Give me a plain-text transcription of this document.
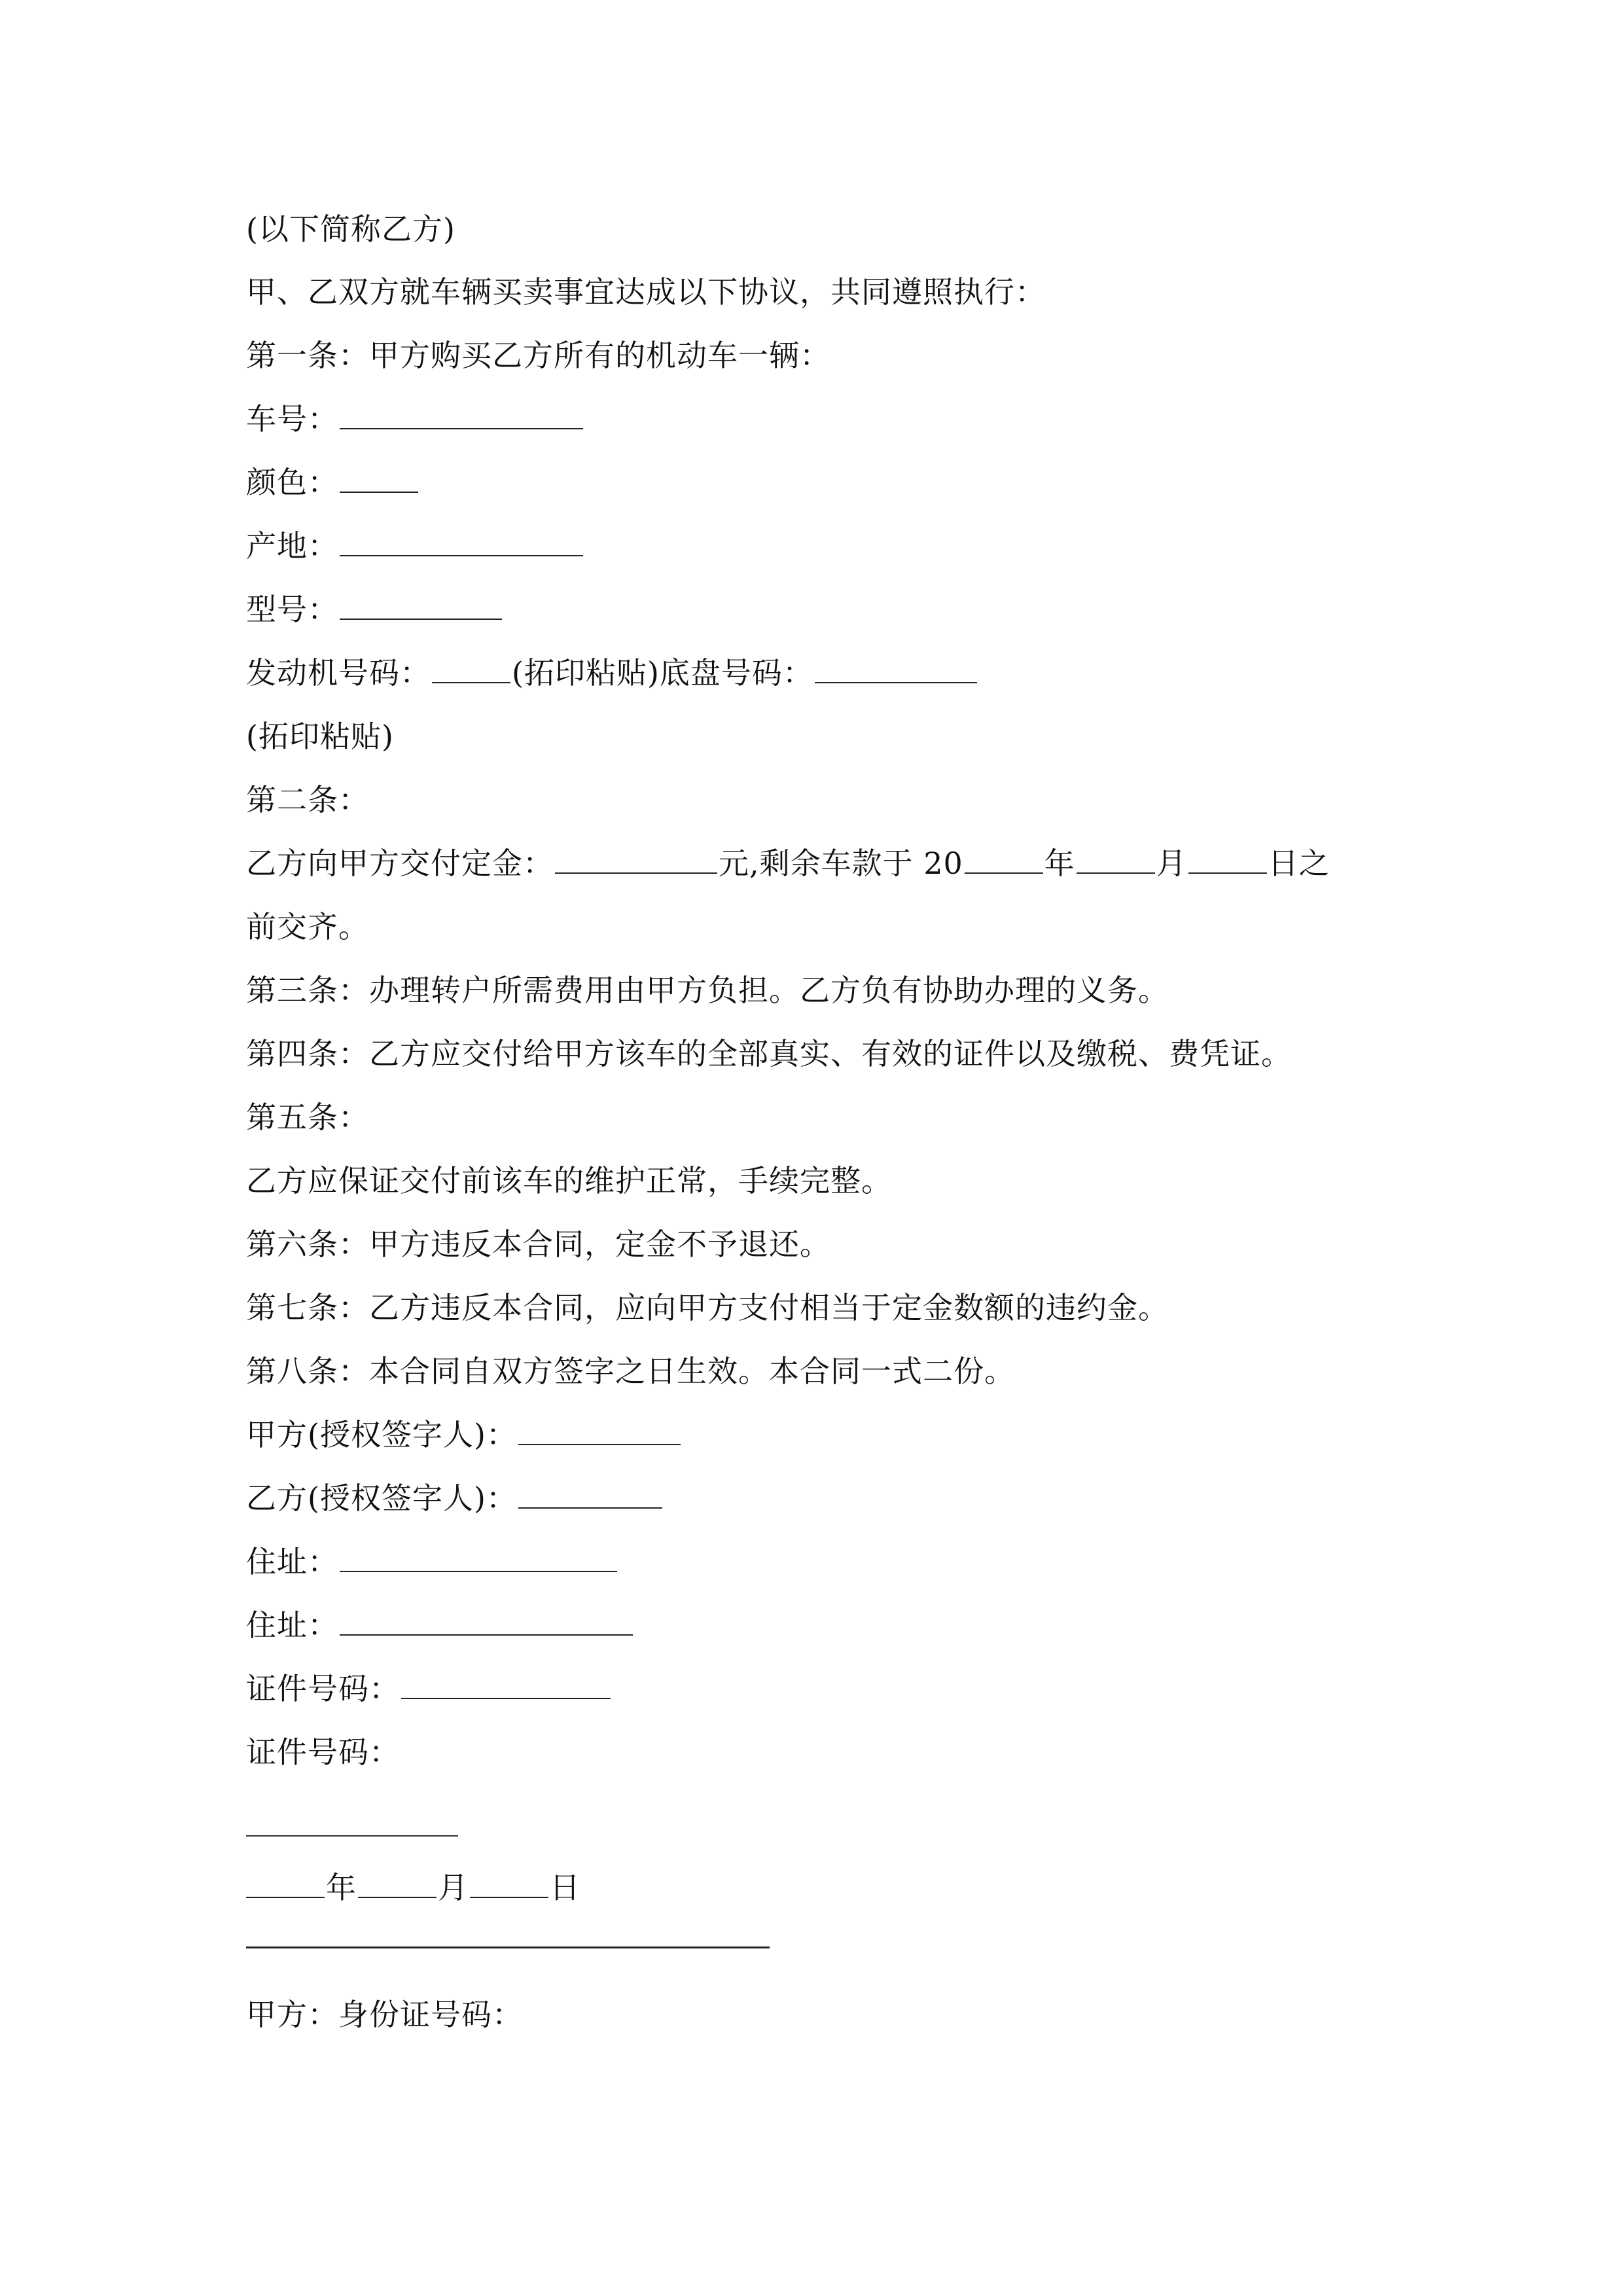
(以下简称乙方)
甲、乙双方就车辆买卖事宜达成以下协议，共同遵照执行：
第一条：甲方购买乙方所有的机动车一辆：
车号：
颜色：
产地：
型号：
发动机号码：	(拓印粘贴)底盘号码：
(拓印粘贴)
第二条：
乙方向甲方交付定金：	元,剩余车款于 20	年	月	日之
前交齐。
第三条：办理转户所需费用由甲方负担。乙方负有协助办理的义务。
第四条：乙方应交付给甲方该车的全部真实、有效的证件以及缴税、费凭证。
第五条：
乙方应保证交付前该车的维护正常，手续完整。
第六条：甲方违反本合同，定金不予退还。
第七条：乙方违反本合同，应向甲方支付相当于定金数额的违约金。
第八条：本合同自双方签字之日生效。本合同一式二份。
甲方(授权签字人)：
乙方(授权签字人)：
住址：
住址：
证件号码：
证件号码：
年	月	日
甲方：身份证号码：
